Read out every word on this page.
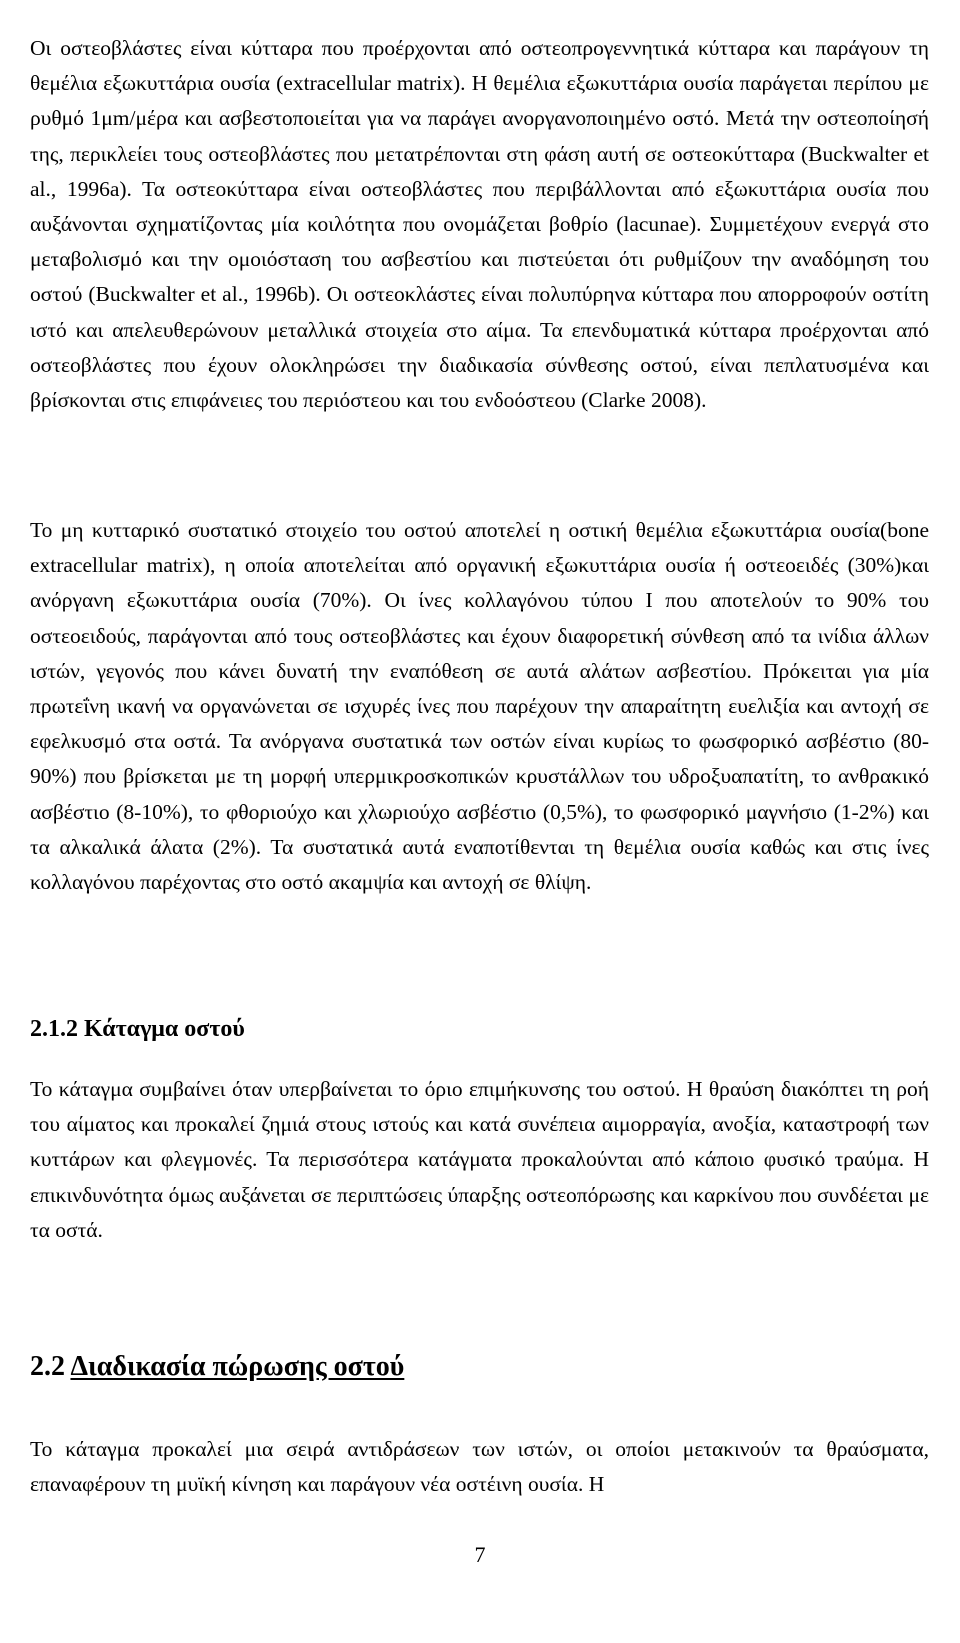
Οι οστεοβλάστες είναι κύτταρα που προέρχονται από οστεοπρογεννητικά κύτταρα και παράγουν τη θεμέλια εξωκυττάρια ουσία (extracellular matrix). Η θεμέλια εξωκυττάρια ουσία παράγεται περίπου με ρυθμό 1μm/μέρα και ασβεστοποιείται για να παράγει ανοργανοποιημένο οστό. Μετά την οστεοποίησή της, περικλείει τους οστεοβλάστες που μετατρέπονται στη φάση αυτή σε οστεοκύτταρα (Buckwalter et al., 1996a). Τα οστεοκύτταρα είναι οστεοβλάστες που περιβάλλονται από εξωκυττάρια ουσία που αυξάνονται σχηματίζοντας μία κοιλότητα που ονομάζεται βοθρίο (lacunae). Συμμετέχουν ενεργά στο μεταβολισμό και την ομοιόσταση του ασβεστίου και πιστεύεται ότι ρυθμίζουν την αναδόμηση του οστού (Buckwalter et al., 1996b). Οι οστεοκλάστες είναι πολυπύρηνα κύτταρα που απορροφούν οστίτη ιστό και απελευθερώνουν μεταλλικά στοιχεία στο αίμα. Τα επενδυματικά κύτταρα προέρχονται από οστεοβλάστες που έχουν ολοκληρώσει την διαδικασία σύνθεσης οστού, είναι πεπλατυσμένα και βρίσκονται στις επιφάνειες του περιόστεου και του ενδοόστεου (Clarke 2008).

Το μη κυτταρικό συστατικό στοιχείο του οστού αποτελεί η οστική θεμέλια εξωκυττάρια ουσία(bone extracellular matrix), η οποία αποτελείται από οργανική εξωκυττάρια ουσία ή οστεοειδές (30%)και ανόργανη εξωκυττάρια ουσία (70%). Οι ίνες κολλαγόνου τύπου Ι που αποτελούν το 90% του οστεοειδούς, παράγονται από τους οστεοβλάστες και έχουν διαφορετική σύνθεση από τα ινίδια άλλων ιστών, γεγονός που κάνει δυνατή την εναπόθεση σε αυτά αλάτων ασβεστίου. Πρόκειται για μία πρωτεΐνη ικανή να οργανώνεται σε ισχυρές ίνες που παρέχουν την απαραίτητη ευελιξία και αντοχή σε εφελκυσμό στα οστά. Τα ανόργανα συστατικά των οστών είναι κυρίως το φωσφορικό ασβέστιο (80-90%) που βρίσκεται με τη μορφή υπερμικροσκοπικών κρυστάλλων του υδροξυαπατίτη, το ανθρακικό ασβέστιο (8-10%), το φθοριούχο και χλωριούχο ασβέστιο (0,5%), το φωσφορικό μαγνήσιο (1-2%) και τα αλκαλικά άλατα (2%). Τα συστατικά αυτά εναποτίθενται τη θεμέλια ουσία καθώς και στις ίνες κολλαγόνου παρέχοντας στο οστό ακαμψία και αντοχή σε θλίψη.

2.1.2 Κάταγμα οστού

Το κάταγμα συμβαίνει όταν υπερβαίνεται το όριο επιμήκυνσης του οστού. Η θραύση διακόπτει τη ροή του αίματος και προκαλεί ζημιά στους ιστούς και κατά συνέπεια αιμορραγία, ανοξία, καταστροφή των κυττάρων και φλεγμονές. Τα περισσότερα κατάγματα προκαλούνται από κάποιο φυσικό τραύμα. Η επικινδυνότητα όμως αυξάνεται σε περιπτώσεις ύπαρξης οστεοπόρωσης και καρκίνου που συνδέεται με τα οστά.

2.2 Διαδικασία πώρωσης οστού

Το κάταγμα προκαλεί μια σειρά αντιδράσεων των ιστών, οι οποίοι μετακινούν τα θραύσματα, επαναφέρουν τη μυϊκή κίνηση και παράγουν νέα οστέινη ουσία. Η

7
